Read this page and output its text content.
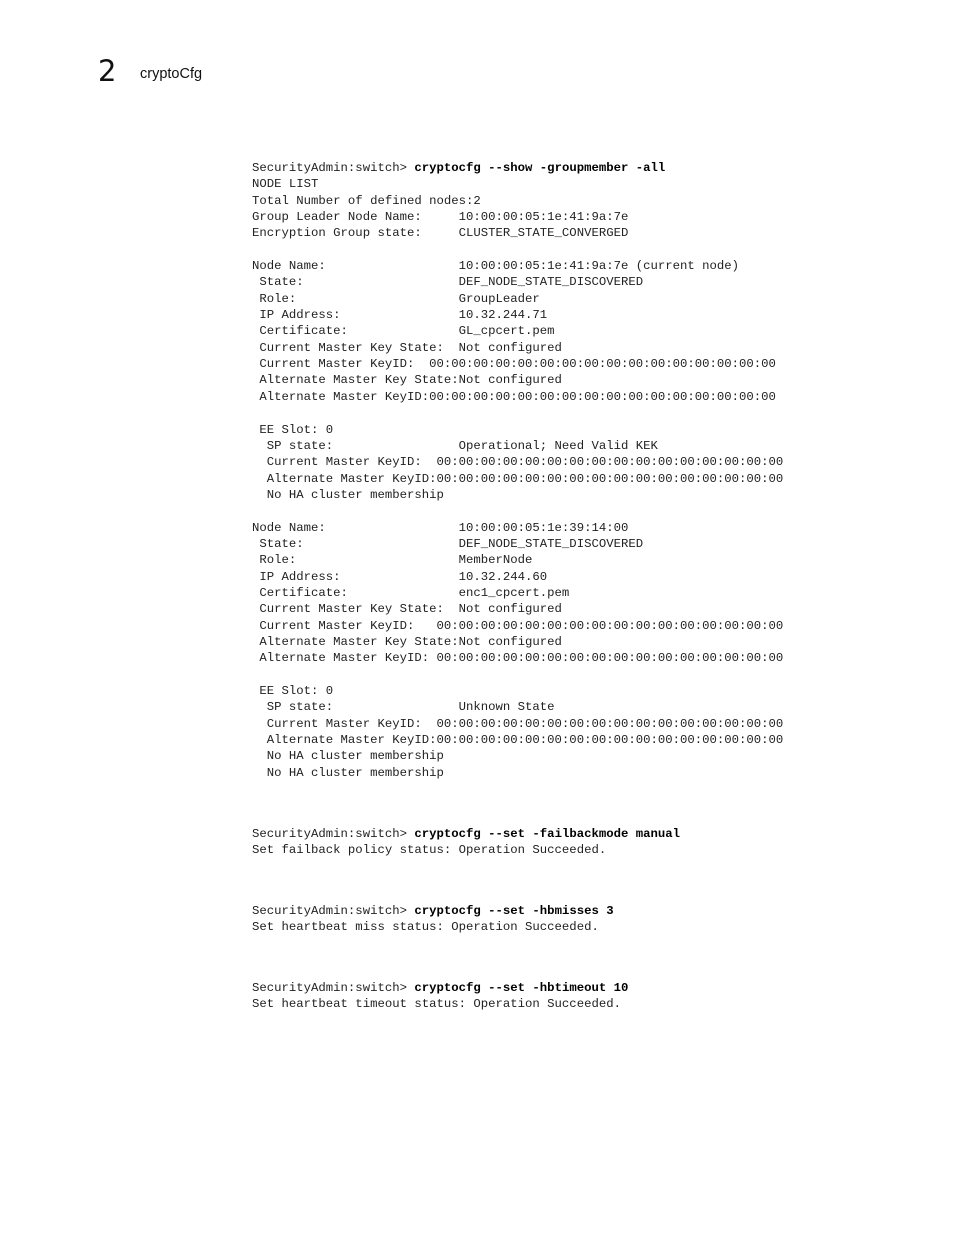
2 cryptoCfg
SecurityAdmin:switch> cryptocfg --show -groupmember -all
NODE LIST
Total Number of defined nodes:2
Group Leader Node Name:     10:00:00:05:1e:41:9a:7e
Encryption Group state:     CLUSTER_STATE_CONVERGED
Node Name:                  10:00:00:05:1e:41:9a:7e (current node)
State:                     DEF_NODE_STATE_DISCOVERED
Role:                      GroupLeader
IP Address:                10.32.244.71
Certificate:               GL_cpcert.pem
Current Master Key State:  Not configured
Current Master KeyID:  00:00:00:00:00:00:00:00:00:00:00:00:00:00:00:00
Alternate Master Key State:Not configured
Alternate Master KeyID:00:00:00:00:00:00:00:00:00:00:00:00:00:00:00:00
EE Slot: 0
SP state:                 Operational; Need Valid KEK
Current Master KeyID:  00:00:00:00:00:00:00:00:00:00:00:00:00:00:00:00
Alternate Master KeyID:00:00:00:00:00:00:00:00:00:00:00:00:00:00:00:00
No HA cluster membership
Node Name:                  10:00:00:05:1e:39:14:00
State:                     DEF_NODE_STATE_DISCOVERED
Role:                      MemberNode
IP Address:                10.32.244.60
Certificate:               enc1_cpcert.pem
Current Master Key State:  Not configured
Current Master KeyID:   00:00:00:00:00:00:00:00:00:00:00:00:00:00:00:00
Alternate Master Key State:Not configured
Alternate Master KeyID: 00:00:00:00:00:00:00:00:00:00:00:00:00:00:00:00
EE Slot: 0
SP state:                 Unknown State
Current Master KeyID:  00:00:00:00:00:00:00:00:00:00:00:00:00:00:00:00
Alternate Master KeyID:00:00:00:00:00:00:00:00:00:00:00:00:00:00:00:00
No HA cluster membership
No HA cluster membership
SecurityAdmin:switch> cryptocfg --set -failbackmode manual
Set failback policy status: Operation Succeeded.
SecurityAdmin:switch> cryptocfg --set -hbmisses 3
Set heartbeat miss status: Operation Succeeded.
SecurityAdmin:switch> cryptocfg --set -hbtimeout 10
Set heartbeat timeout status: Operation Succeeded.
